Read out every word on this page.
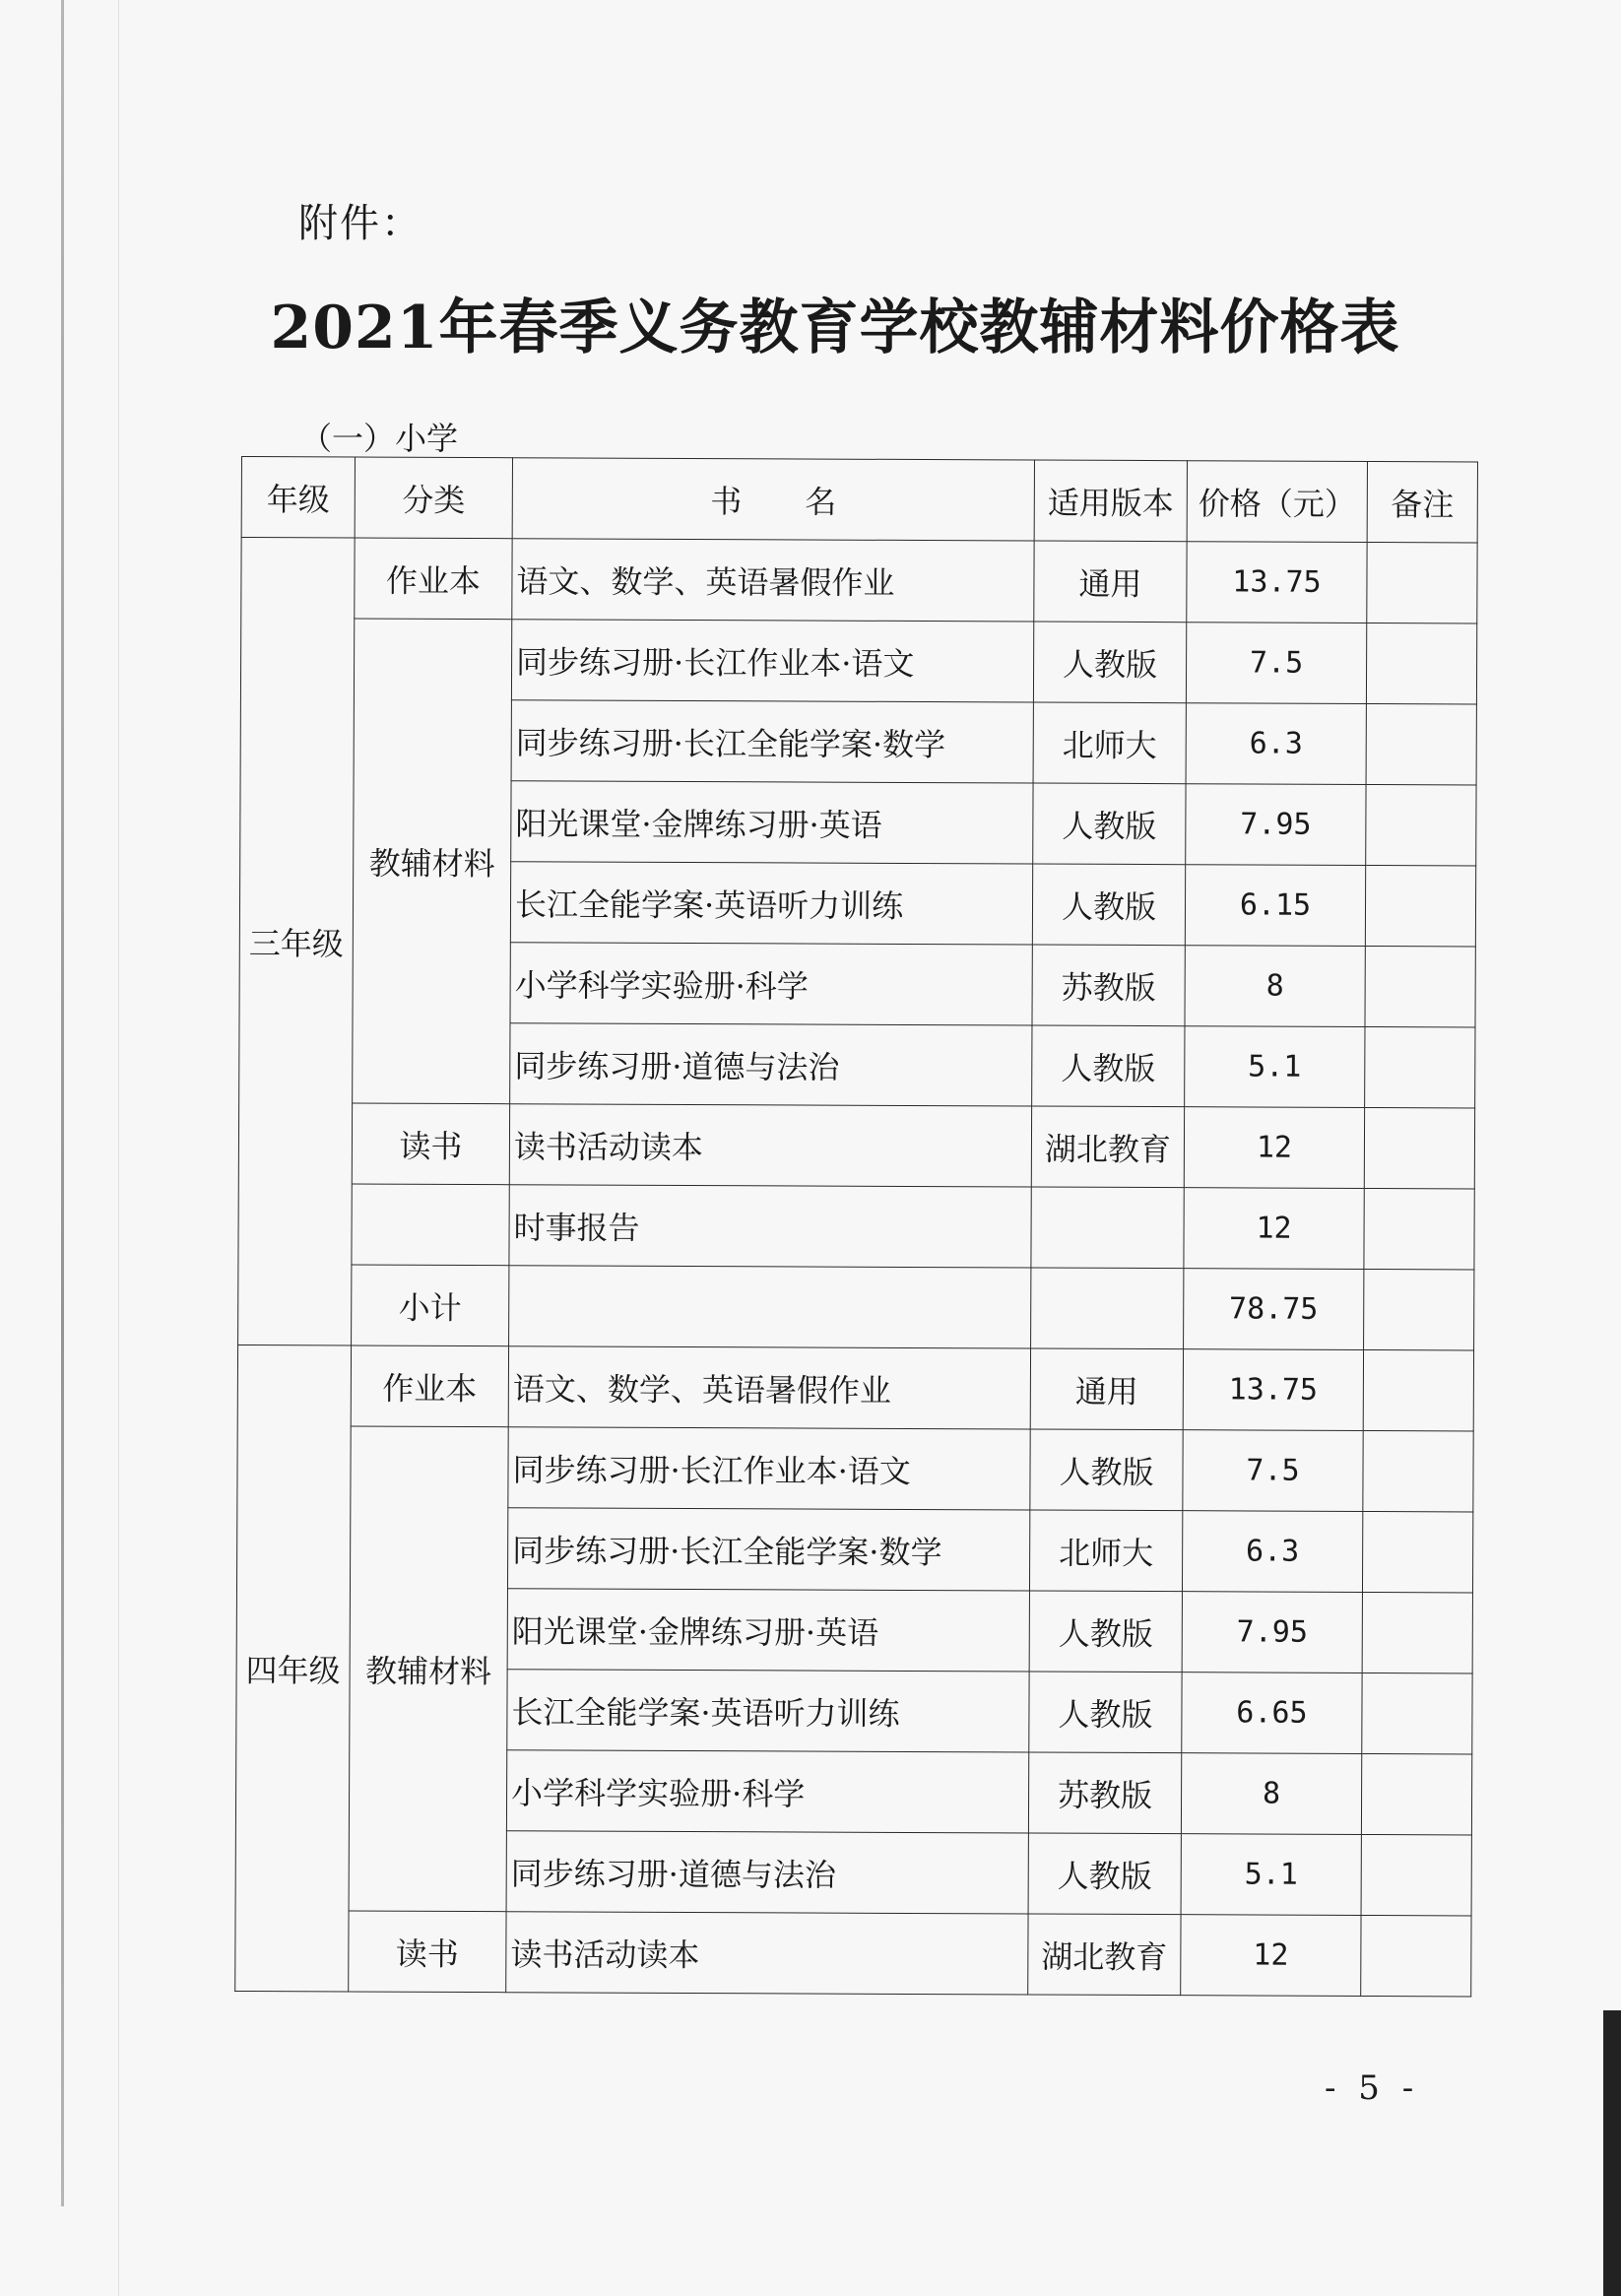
附件：
2021年春季义务教育学校教辅材料价格表
（一）小学
年级	分类	书　　名	适用版本	价格（元）	备注
三年级	作业本	语文、数学、英语暑假作业	通用	13.75	
	教辅材料	同步练习册·长江作业本·语文	人教版	7.5	
		同步练习册·长江全能学案·数学	北师大	6.3	
		阳光课堂·金牌练习册·英语	人教版	7.95	
		长江全能学案·英语听力训练	人教版	6.15	
		小学科学实验册·科学	苏教版	8	
		同步练习册·道德与法治	人教版	5.1	
	读书	读书活动读本	湖北教育	12	
		时事报告		12	
	小计			78.75	
四年级	作业本	语文、数学、英语暑假作业	通用	13.75	
	教辅材料	同步练习册·长江作业本·语文	人教版	7.5	
		同步练习册·长江全能学案·数学	北师大	6.3	
		阳光课堂·金牌练习册·英语	人教版	7.95	
		长江全能学案·英语听力训练	人教版	6.65	
		小学科学实验册·科学	苏教版	8	
		同步练习册·道德与法治	人教版	5.1	
	读书	读书活动读本	湖北教育	12	
- 5 -
